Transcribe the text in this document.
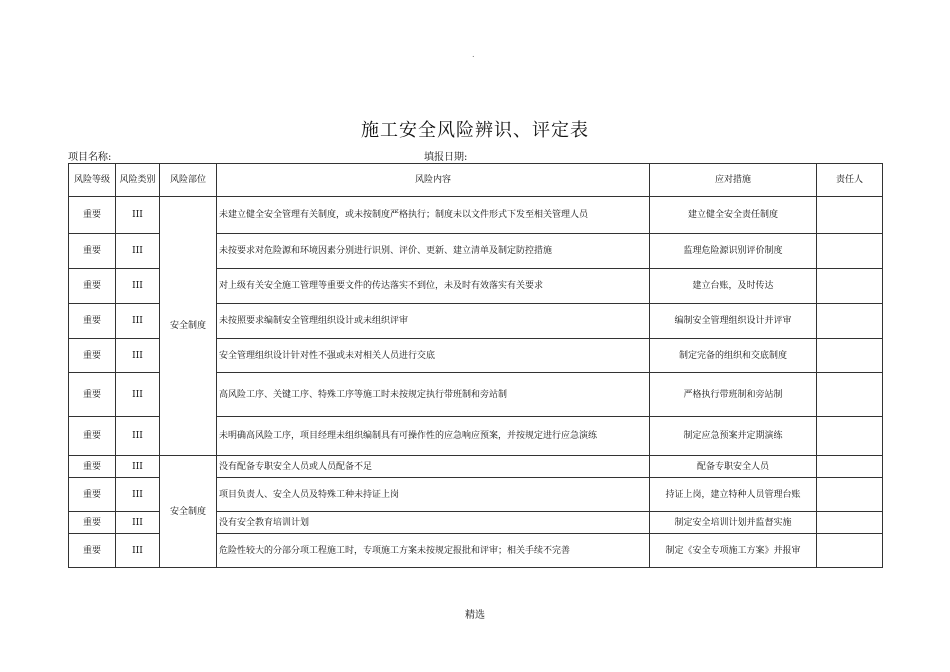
.
施工安全风险辨识、评定表
项目名称:	填报日期:
风险等级	风险类别	风险部位	风险内容	应对措施	责任人
重要	III	安全制度	未建立健全安全管理有关制度，或未按制度严格执行；制度未以文件形式下发至相关管理人员	建立健全安全责任制度	
重要	III		未按要求对危险源和环境因素分别进行识别、评价、更新、建立清单及制定防控措施	监理危险源识别评价制度	
重要	III		对上级有关安全施工管理等重要文件的传达落实不到位，未及时有效落实有关要求	建立台账，及时传达	
重要	III		未按照要求编制安全管理组织设计或未组织评审	编制安全管理组织设计并评审	
重要	III		安全管理组织设计针对性不强或未对相关人员进行交底	制定完备的组织和交底制度	
重要	III		高风险工序、关键工序、特殊工序等施工时未按规定执行带班制和旁站制	严格执行带班制和旁站制	
重要	III		未明确高风险工序，项目经理未组织编制具有可操作性的应急响应预案，并按规定进行应急演练	制定应急预案并定期演练	
重要	III	安全制度	没有配备专职安全人员或人员配备不足	配备专职安全人员	
重要	III		项目负责人、安全人员及特殊工种未持证上岗	持证上岗，建立特种人员管理台账	
重要	III		没有安全教育培训计划	制定安全培训计划并监督实施	
重要	III		危险性较大的分部分项工程施工时，专项施工方案未按规定报批和评审；相关手续不完善	制定《安全专项施工方案》并报审	
精选
